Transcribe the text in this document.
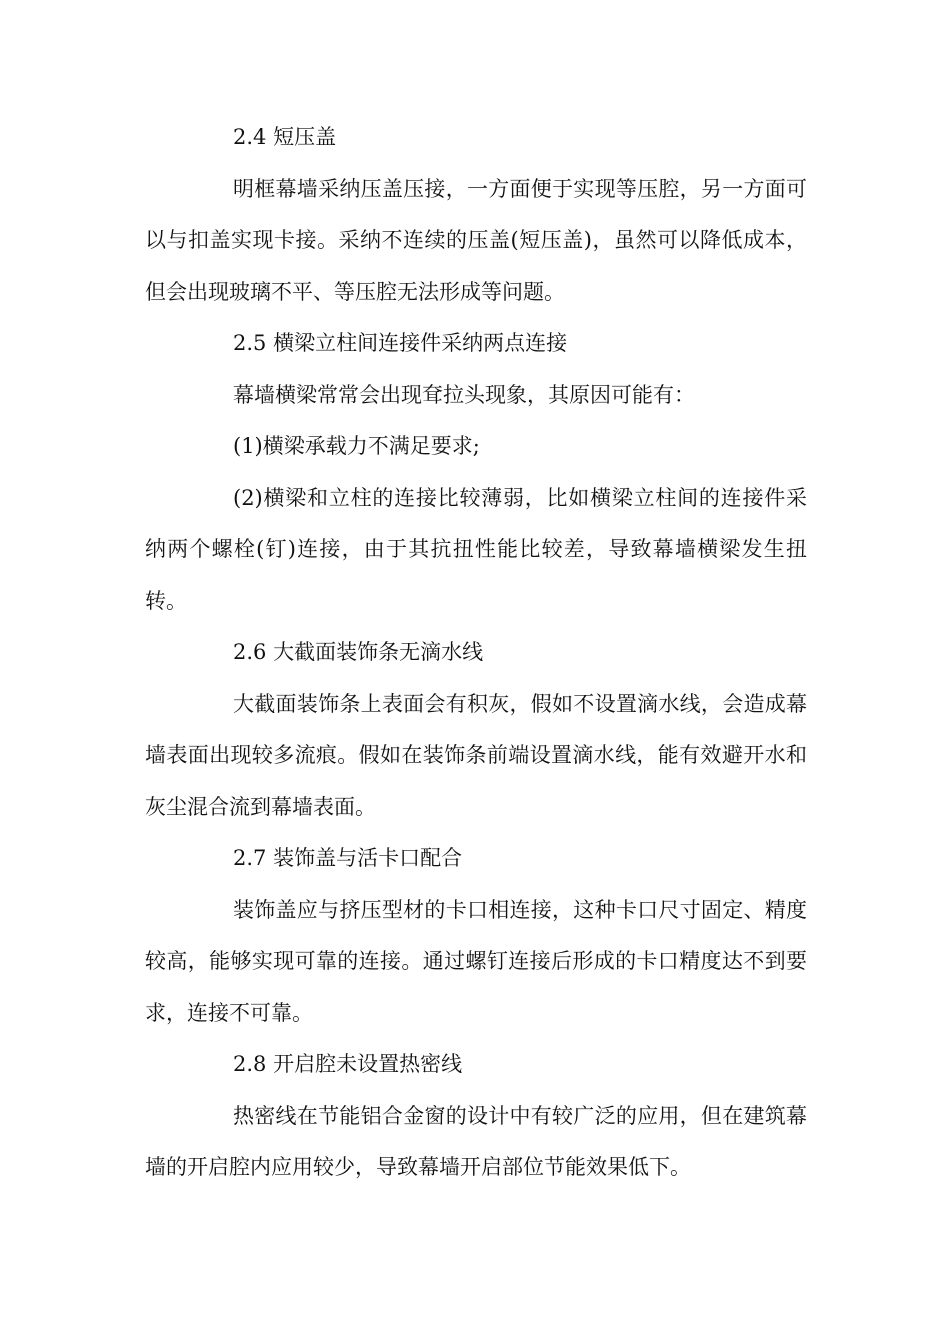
2.4 短压盖

明框幕墙采纳压盖压接，一方面便于实现等压腔，另一方面可以与扣盖实现卡接。采纳不连续的压盖(短压盖)，虽然可以降低成本，但会出现玻璃不平、等压腔无法形成等问题。

2.5 横梁立柱间连接件采纳两点连接

幕墙横梁常常会出现耷拉头现象，其原因可能有：

(1)横梁承载力不满足要求;

(2)横梁和立柱的连接比较薄弱，比如横梁立柱间的连接件采纳两个螺栓(钉)连接，由于其抗扭性能比较差，导致幕墙横梁发生扭转。

2.6 大截面装饰条无滴水线

大截面装饰条上表面会有积灰，假如不设置滴水线，会造成幕墙表面出现较多流痕。假如在装饰条前端设置滴水线，能有效避开水和灰尘混合流到幕墙表面。

2.7 装饰盖与活卡口配合

装饰盖应与挤压型材的卡口相连接，这种卡口尺寸固定、精度较高，能够实现可靠的连接。通过螺钉连接后形成的卡口精度达不到要求，连接不可靠。

2.8 开启腔未设置热密线

热密线在节能铝合金窗的设计中有较广泛的应用，但在建筑幕墙的开启腔内应用较少，导致幕墙开启部位节能效果低下。
